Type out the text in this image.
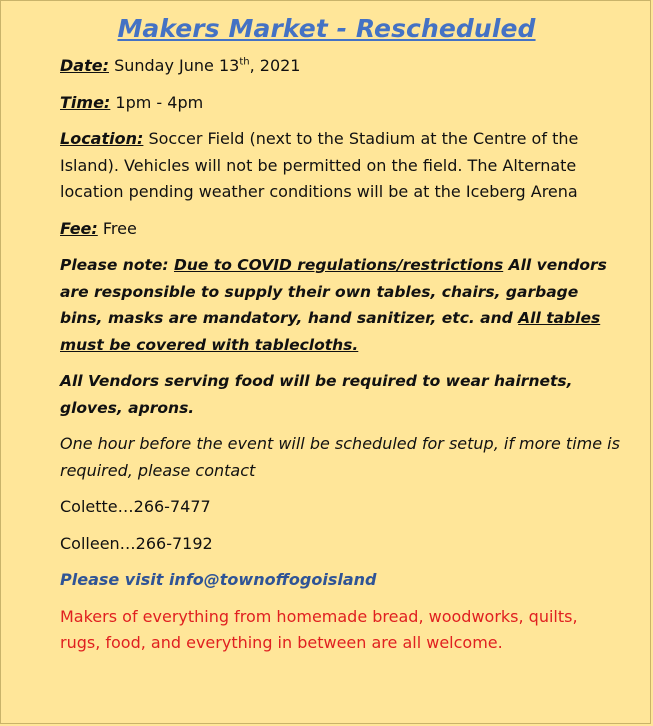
Makers Market - Rescheduled
Date: Sunday June 13th, 2021
Time: 1pm - 4pm
Location: Soccer Field (next to the Stadium at the Centre of the Island). Vehicles will not be permitted on the field. The Alternate location pending weather conditions will be at the Iceberg Arena
Fee: Free
Please note: Due to COVID regulations/restrictions All vendors are responsible to supply their own tables, chairs, garbage bins, masks are mandatory, hand sanitizer, etc. and All tables must be covered with tablecloths.
All Vendors serving food will be required to wear hairnets, gloves, aprons.
One hour before the event will be scheduled for setup, if more time is required, please contact
Colette…266-7477
Colleen…266-7192
Please visit info@townoffogoisland
Makers of everything from homemade bread, woodworks, quilts, rugs, food, and everything in between are all welcome.
